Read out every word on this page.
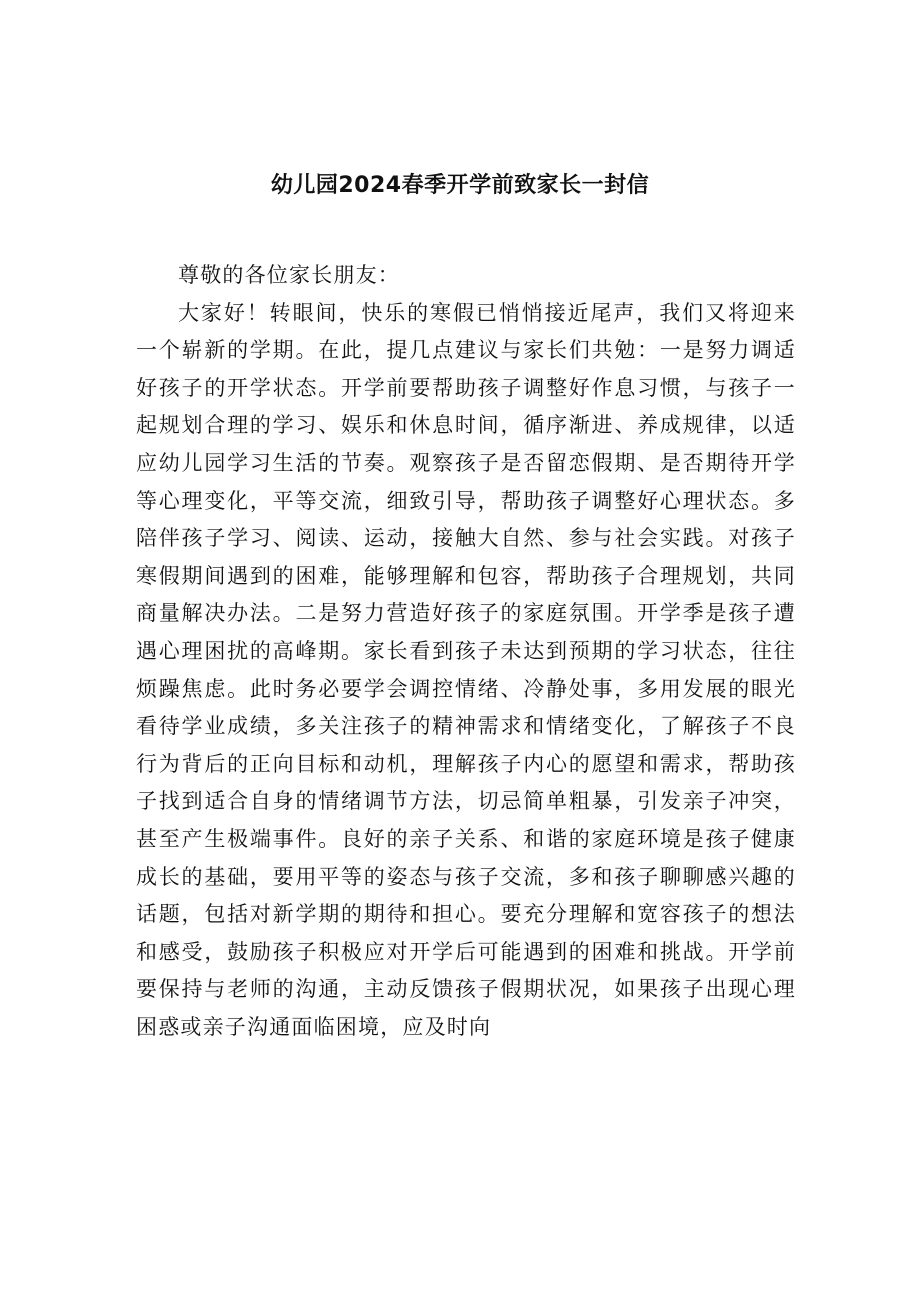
幼儿园2024春季开学前致家长一封信

尊敬的各位家长朋友：

大家好！转眼间，快乐的寒假已悄悄接近尾声，我们又将迎来一个崭新的学期。在此，提几点建议与家长们共勉：一是努力调适好孩子的开学状态。开学前要帮助孩子调整好作息习惯，与孩子一起规划合理的学习、娱乐和休息时间，循序渐进、养成规律，以适应幼儿园学习生活的节奏。观察孩子是否留恋假期、是否期待开学等心理变化，平等交流，细致引导，帮助孩子调整好心理状态。多陪伴孩子学习、阅读、运动，接触大自然、参与社会实践。对孩子寒假期间遇到的困难，能够理解和包容，帮助孩子合理规划，共同商量解决办法。二是努力营造好孩子的家庭氛围。开学季是孩子遭遇心理困扰的高峰期。家长看到孩子未达到预期的学习状态，往往烦躁焦虑。此时务必要学会调控情绪、冷静处事，多用发展的眼光看待学业成绩，多关注孩子的精神需求和情绪变化，了解孩子不良行为背后的正向目标和动机，理解孩子内心的愿望和需求，帮助孩子找到适合自身的情绪调节方法，切忌简单粗暴，引发亲子冲突，甚至产生极端事件。良好的亲子关系、和谐的家庭环境是孩子健康成长的基础，要用平等的姿态与孩子交流，多和孩子聊聊感兴趣的话题，包括对新学期的期待和担心。要充分理解和宽容孩子的想法和感受，鼓励孩子积极应对开学后可能遇到的困难和挑战。开学前要保持与老师的沟通，主动反馈孩子假期状况，如果孩子出现心理困惑或亲子沟通面临困境，应及时向
